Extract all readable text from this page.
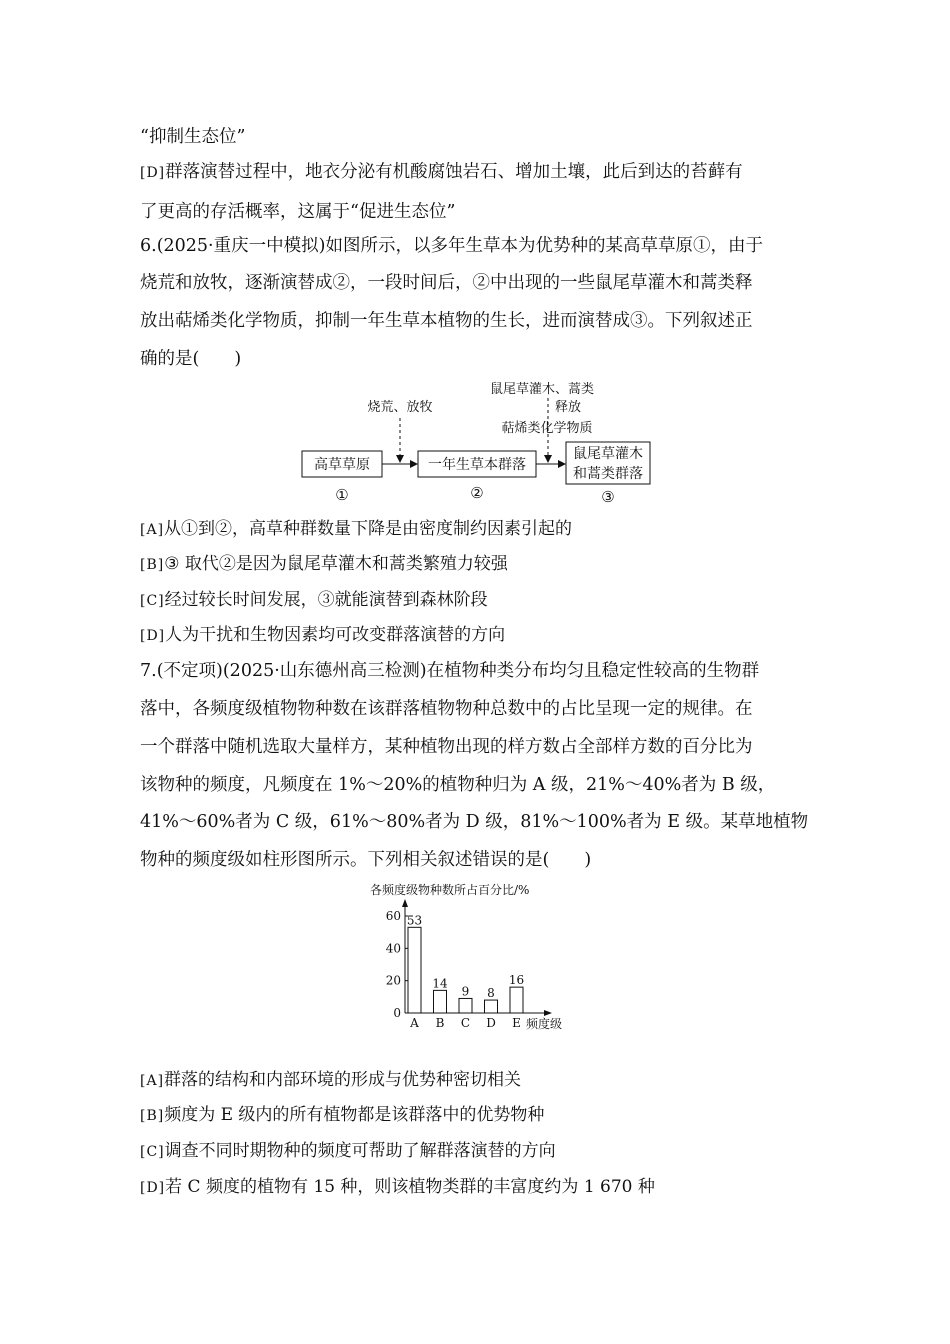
“抑制生态位”
[D]群落演替过程中，地衣分泌有机酸腐蚀岩石、增加土壤，此后到达的苔藓有
了更高的存活概率，这属于“促进生态位”
6.(2025·重庆一中模拟)如图所示，以多年生草本为优势种的某高草草原①，由于
烧荒和放牧，逐渐演替成②，一段时间后，②中出现的一些鼠尾草灌木和蒿类释
放出萜烯类化学物质，抑制一年生草本植物的生长，进而演替成③。下列叙述正
确的是(　　)
高草草原	一年生草本群落
鼠尾草灌木
和蒿类群落
①	②	③
烧荒、放牧
鼠尾草灌木、蒿类
释放
萜烯类化学物质
[A]从①到②，高草种群数量下降是由密度制约因素引起的
[B]③ 取代②是因为鼠尾草灌木和蒿类繁殖力较强
[C]经过较长时间发展，③就能演替到森林阶段
[D]人为干扰和生物因素均可改变群落演替的方向
7.(不定项)(2025·山东德州高三检测)在植物种类分布均匀且稳定性较高的生物群
落中，各频度级植物物种数在该群落植物物种总数中的占比呈现一定的规律。在
一个群落中随机选取大量样方，某种植物出现的样方数占全部样方数的百分比为
该物种的频度，凡频度在 1%～20%的植物种归为 A 级，21%～40%者为 B 级，
41%～60%者为 C 级，61%～80%者为 D 级，81%～100%者为 E 级。某草地植物
物种的频度级如柱形图所示。下列相关叙述错误的是(　　)
各频度级物种数所占百分比/%
0
20
40
60 53
A
14
B
9
C
8
D
16
E 频度级
[A]群落的结构和内部环境的形成与优势种密切相关
[B]频度为 E 级内的所有植物都是该群落中的优势物种
[C]调查不同时期物种的频度可帮助了解群落演替的方向
[D]若 C 频度的植物有 15 种，则该植物类群的丰富度约为 1 670 种
